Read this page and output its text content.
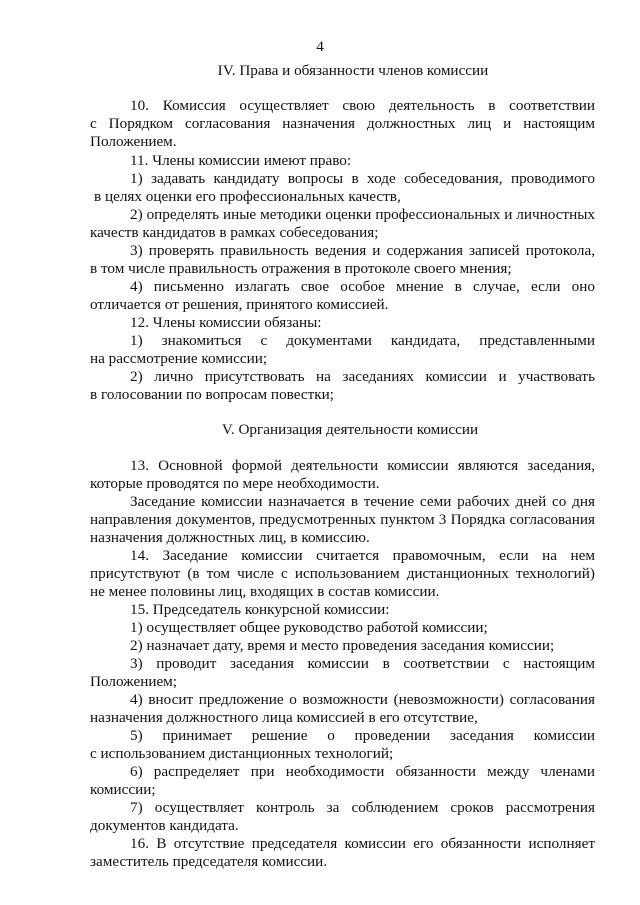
4
IV. Права и обязанности членов комиссии
10. Комиссия осуществляет свою деятельность в соответствии
с Порядком согласования назначения должностных лиц и настоящим
Положением.
11. Члены комиссии имеют право:
1) задавать кандидату вопросы в ходе собеседования, проводимого
в целях оценки его профессиональных качеств,
2) определять иные методики оценки профессиональных и личностных
качеств кандидатов в рамках собеседования;
3) проверять правильность ведения и содержания записей протокола,
в том числе правильность отражения в протоколе своего мнения;
4) письменно излагать свое особое мнение в случае, если оно
отличается от решения, принятого комиссией.
12. Члены комиссии обязаны:
1) знакомиться с документами кандидата, представленными
на рассмотрение комиссии;
2) лично присутствовать на заседаниях комиссии и участвовать
в голосовании по вопросам повестки;
V. Организация деятельности комиссии
13. Основной формой деятельности комиссии являются заседания,
которые проводятся по мере необходимости.
Заседание комиссии назначается в течение семи рабочих дней со дня
направления документов, предусмотренных пунктом 3 Порядка согласования
назначения должностных лиц, в комиссию.
14. Заседание комиссии считается правомочным, если на нем
присутствуют (в том числе с использованием дистанционных технологий)
не менее половины лиц, входящих в состав комиссии.
15. Председатель конкурсной комиссии:
1) осуществляет общее руководство работой комиссии;
2) назначает дату, время и место проведения заседания комиссии;
3) проводит заседания комиссии в соответствии с настоящим
Положением;
4) вносит предложение о возможности (невозможности) согласования
назначения должностного лица комиссией в его отсутствие,
5) принимает решение о проведении заседания комиссии
с использованием дистанционных технологий;
6) распределяет при необходимости обязанности между членами
комиссии;
7) осуществляет контроль за соблюдением сроков рассмотрения
документов кандидата.
16. В отсутствие председателя комиссии его обязанности исполняет
заместитель председателя комиссии.
